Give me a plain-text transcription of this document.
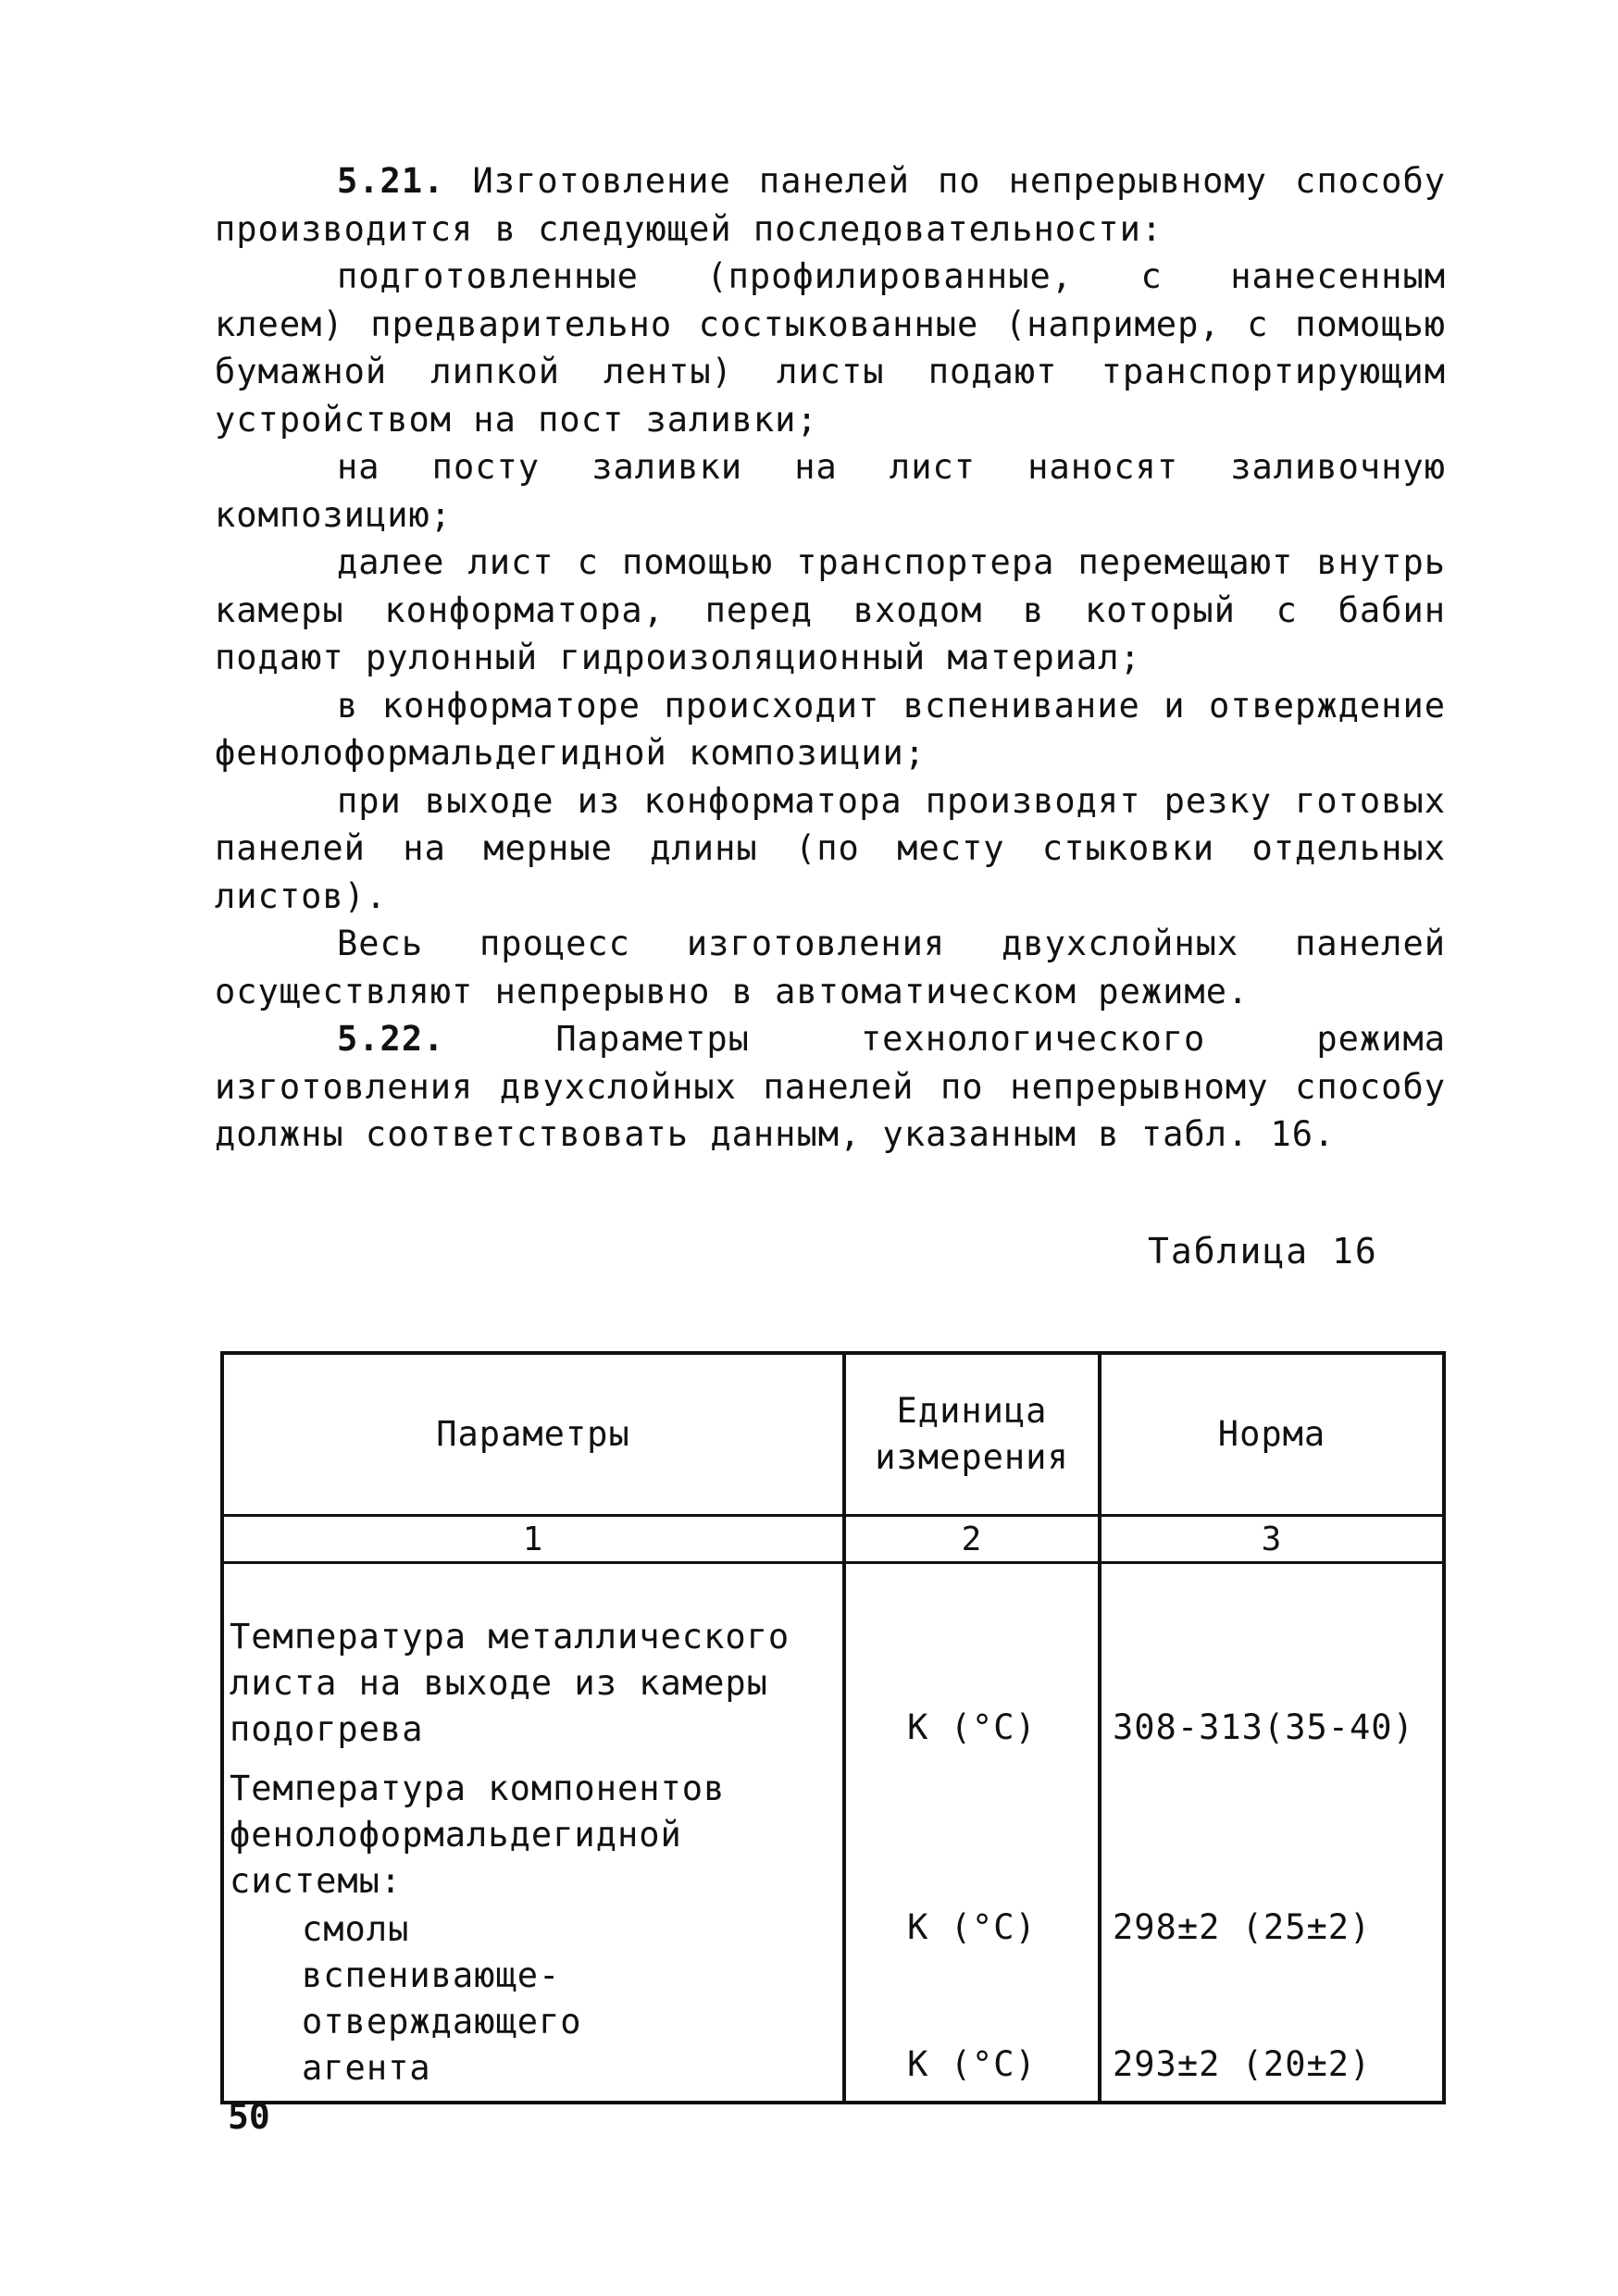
5.21. Изготовление панелей по непрерывному способу производится в следующей последовательности:

подготовленные (профилированные, с нанесенным клеем) предварительно состыкованные (например, с помощью бумажной липкой ленты) листы подают транспортирующим устройством на пост заливки;

на посту заливки на лист наносят заливочную композицию;

далее лист с помощью транспортера перемещают внутрь камеры конформатора, перед входом в который с бабин подают рулонный гидроизоляционный материал;

в конформаторе происходит вспенивание и отверждение фенолоформальдегидной композиции;

при выходе из конформатора производят резку готовых панелей на мерные длины (по месту стыковки отдельных листов).

Весь процесс изготовления двухслойных панелей осуществляют непрерывно в автоматическом режиме.

5.22. Параметры технологического режима изготовления двухслойных панелей по непрерывному способу должны соответствовать данным, указанным в табл. 16.

Таблица 16
Параметры	Единица измерения	Норма
1	2	3

Температура металлического листа на выходе из камеры подогрева	К (°С)	308-313(35-40)
Температура компонентов фенолоформальдегидной системы:		

смолы	К (°С)	298±2 (25±2)

вспенивающе-отверждающего агента	К (°С)	293±2 (20±2)
50
